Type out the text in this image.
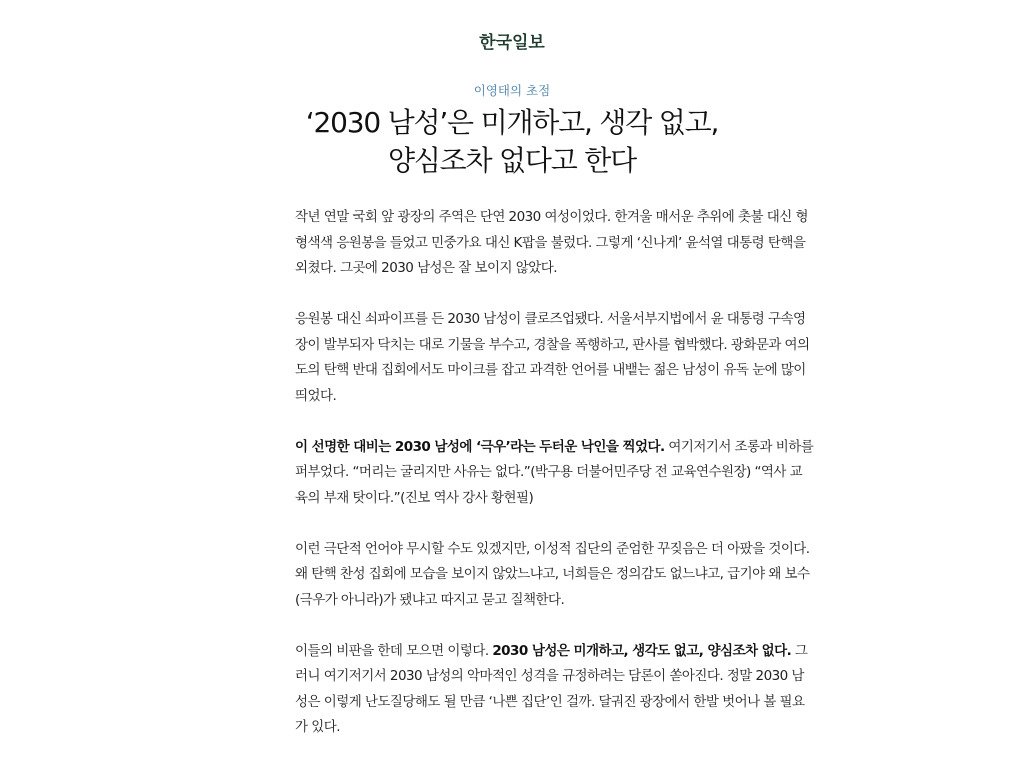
한국일보
이영태의 초점
‘2030 남성’은 미개하고, 생각 없고,
양심조차 없다고 한다

작년 연말 국회 앞 광장의 주역은 단연 2030 여성이었다. 한겨울 매서운 추위에 촛불 대신 형
형색색 응원봉을 들었고 민중가요 대신 K팝을 불렀다. 그렇게 ‘신나게’ 윤석열 대통령 탄핵을
외쳤다. 그곳에 2030 남성은 잘 보이지 않았다.

응원봉 대신 쇠파이프를 든 2030 남성이 클로즈업됐다. 서울서부지법에서 윤 대통령 구속영
장이 발부되자 닥치는 대로 기물을 부수고, 경찰을 폭행하고, 판사를 협박했다. 광화문과 여의
도의 탄핵 반대 집회에서도 마이크를 잡고 과격한 언어를 내뱉는 젊은 남성이 유독 눈에 많이
띄었다.

이 선명한 대비는 2030 남성에 ‘극우’라는 두터운 낙인을 찍었다. 여기저기서 조롱과 비하를
퍼부었다. “머리는 굴리지만 사유는 없다.”(박구용 더불어민주당 전 교육연수원장) “역사 교
육의 부재 탓이다.”(진보 역사 강사 황현필)

이런 극단적 언어야 무시할 수도 있겠지만, 이성적 집단의 준엄한 꾸짖음은 더 아팠을 것이다.
왜 탄핵 찬성 집회에 모습을 보이지 않았느냐고, 너희들은 정의감도 없느냐고, 급기야 왜 보수
(극우가 아니라)가 됐냐고 따지고 묻고 질책한다.

이들의 비판을 한데 모으면 이렇다. 2030 남성은 미개하고, 생각도 없고, 양심조차 없다. 그
러니 여기저기서 2030 남성의 악마적인 성격을 규정하려는 담론이 쏟아진다. 정말 2030 남
성은 이렇게 난도질당해도 될 만큼 ‘나쁜 집단’인 걸까. 달궈진 광장에서 한발 벗어나 볼 필요
가 있다.
